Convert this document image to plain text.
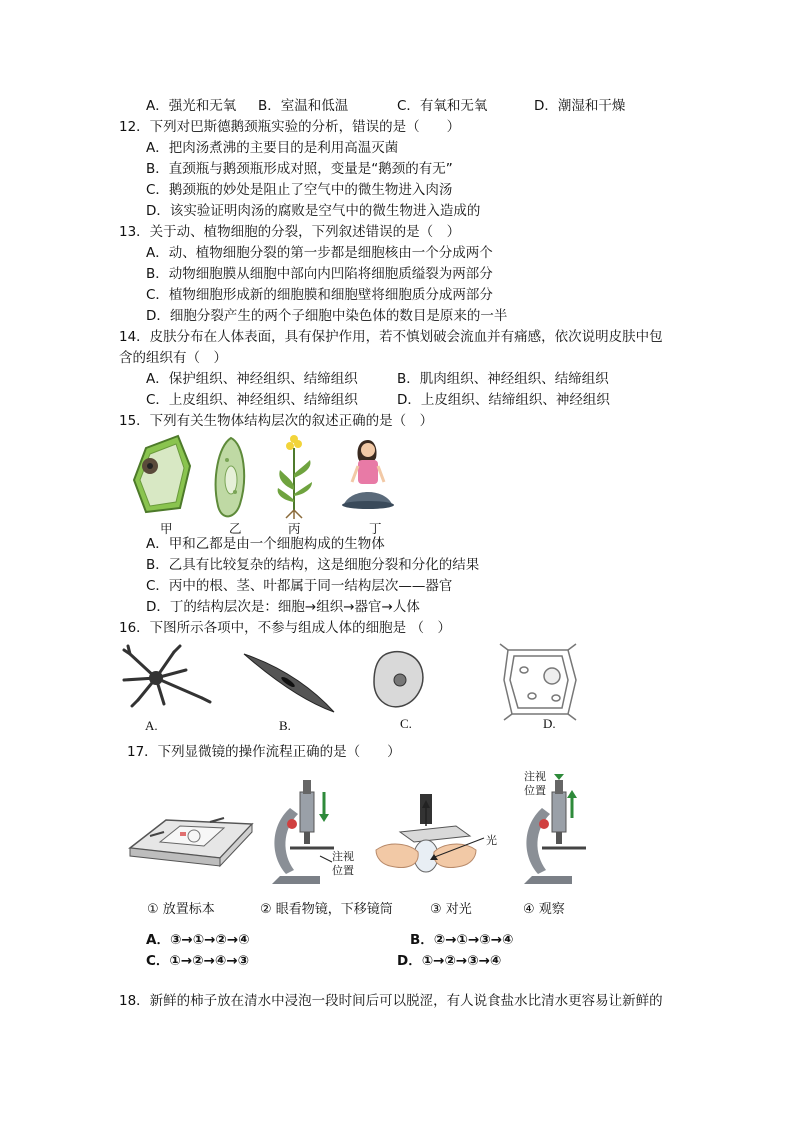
A．强光和无氧 B．室温和低温	C．有氧和无氧	D．潮湿和干燥
12．下列对巴斯德鹅颈瓶实验的分析，错误的是（　　）
A．把肉汤煮沸的主要目的是利用高温灭菌
B．直颈瓶与鹅颈瓶形成对照，变量是“鹅颈的有无”
C．鹅颈瓶的妙处是阻止了空气中的微生物进入肉汤
D．该实验证明肉汤的腐败是空气中的微生物进入造成的
13．关于动、植物细胞的分裂，下列叙述错误的是（　）
A．动、植物细胞分裂的第一步都是细胞核由一个分成两个
B．动物细胞膜从细胞中部向内凹陷将细胞质缢裂为两部分
C．植物细胞形成新的细胞膜和细胞壁将细胞质分成两部分
D．细胞分裂产生的两个子细胞中染色体的数目是原来的一半
14．皮肤分布在人体表面，具有保护作用，若不慎划破会流血并有痛感，依次说明皮肤中包
含的组织有（　）
A．保护组织、神经组织、结缔组织	B．肌肉组织、神经组织、结缔组织
C．上皮组织、神经组织、结缔组织	D．上皮组织、结缔组织、神经组织
15．下列有关生物体结构层次的叙述正确的是（　）
甲	乙	丙	丁
A．甲和乙都是由一个细胞构成的生物体
B．乙具有比较复杂的结构，这是细胞分裂和分化的结果
C．丙中的根、茎、叶都属于同一结构层次——器官
D．丁的结构层次是：细胞→组织→器官→人体
16．下图所示各项中，不参与组成人体的细胞是 （　）
A.	B.	C.	D.
17．下列显微镜的操作流程正确的是（　　）
注视
位置
光
注视
位置
① 放置标本	② 眼看物镜，下移镜筒	③ 对光	④ 观察
A．③→①→②→④	B．②→①→③→④
C．①→②→④→③	D．①→②→③→④
18．新鲜的柿子放在清水中浸泡一段时间后可以脱涩，有人说食盐水比清水更容易让新鲜的
